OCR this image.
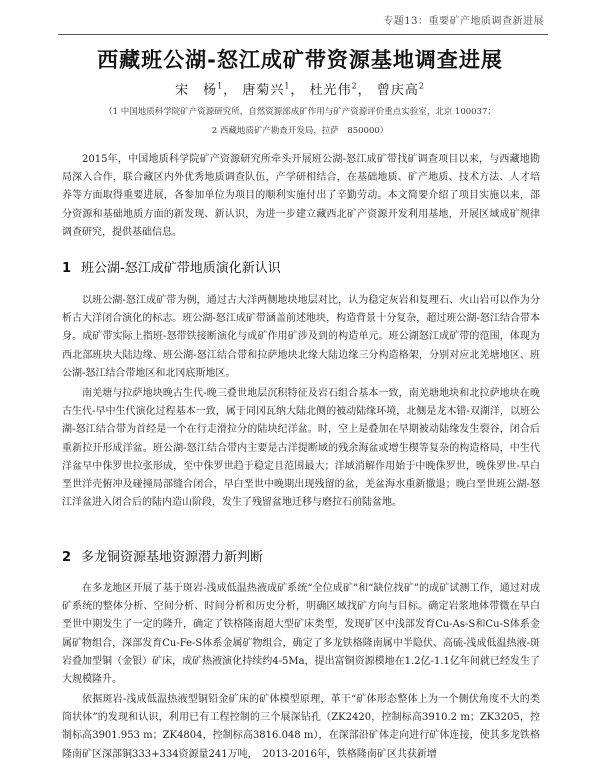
专题13：重要矿产地质调查新进展
西藏班公湖-怒江成矿带资源基地调查进展
宋　杨$^1$， 唐菊兴$^1$， 杜光伟$^2$， 曾庆高$^2$
（1 中国地质科学院矿产资源研究所，自然资源部成矿作用与矿产资源评价重点实验室，北京 100037；
2 西藏地质矿产勘查开发局，拉萨　850000）

2015年，中国地质科学院矿产资源研究所牵头开展班公湖-怒江成矿带找矿调查项目以来，与西藏地勘局深入合作，联合藏区内外优秀地质调查队伍，产学研相结合，在基础地质、矿产地质、技术方法、人才培养等方面取得重要进展，各参加单位为项目的顺利实施付出了辛勤劳动。本文简要介绍了项目实施以来，部分资源和基础地质方面的新发现、新认识，为进一步建立藏西北矿产资源开发利用基地，开展区域成矿规律调查研究，提供基础信息。

1 班公湖-怒江成矿带地质演化新认识

以班公湖-怒江成矿带为例，通过古大洋两侧地块地层对比，认为稳定灰岩和复理石、火山岩可以作为分析古大洋闭合演化的标志。班公湖-怒江成矿带涵盖前述地块，构造背景十分复杂，超过班公湖-怒江结合带本身。成矿带实际上指班-怒带铁接断演化与成矿作用矿涉及到的构造单元。班公湖怒江成矿带的范围，体现为西北部班块大陆边缘、班公湖-怒江结合带和拉萨地块北缘大陆边缘三分构造格架，分别对应北羌塘地区、班公湖-怒江结合带地区和北冈底斯地区。

南羌塘与拉萨地块晚古生代-晚三叠世地层沉积特征及岩石组合基本一致，南羌塘地块和北拉萨地块在晚古生代-早中生代演化过程基本一致，属于同冈瓦纳大陆北侧的被动陆缘环境，北侧是龙木错-双湖洋，以班公湖-怒江结合带为首经是一个在行走滑拉分的陆块纪洋盆。时，空上是叠加在早期被动陆缘发生裂谷，闭合后重新拉开形成洋盆。班公湖-怒江结合带内主要是古洋提断域的残余海盆或增生楔等复杂的构造格局，中生代洋盆早中侏罗世拉张形成，至中侏罗世趋于稳定且范围最大；洋域消解作用始于中晚侏罗世，晚侏罗世-早白垩世洋壳俯冲及碰撞局部缝合闭合，早白垩世中晚期出现残留的盆，羌盆海水重新撤退；晚白垩世班公湖-怒江洋盆进入闭合后的陆内造山阶段，发生了残留盆地迁移与磨拉石前陆盆地。

2 多龙铜资源基地资源潜力新判断

在多龙地区开展了基于斑岩-浅成低温热液成矿系统“全位成矿”和“缺位找矿”的成矿试测工作，通过对成矿系统的整体分析、空间分析、时间分析和历史分析，明确区域找矿方向与目标。确定岩浆地体带微在早白垩世中期发生了一定的隆升，确定了铁格隆南超大型矿床类型，发现矿区中浅部发育Cu-As-S和Cu-S体系金属矿物组合，深部发育Cu-Fe-S体系金属矿物组合，确定了多龙铁格隆南属中半隐伏、高硫-浅成低温热液-斑岩叠加型铜（金银）矿床，成矿热液演化持续约4-5Ma，提出富铜资源模地在1.2亿-1.1亿年间就已经发生了大规模隆升。

依据斑岩-浅成低温热液型铜铅金矿床的矿体模型原理，革干“矿体形态整体上为一个侧伏角度不大的类筒状体”的发现和认识，利用已有工程控制的三个展深钻孔（ZK2420，控制标高3910.2 m；ZK3205，控制标高3901.953 m；ZK4804，控制标高3816.048 m），在深部沿矿体走向进行矿体连接，使其多龙铁格隆南矿区深部铜333+334资源量241万吨，　2013-2016年，铁格隆南矿区共获新增
